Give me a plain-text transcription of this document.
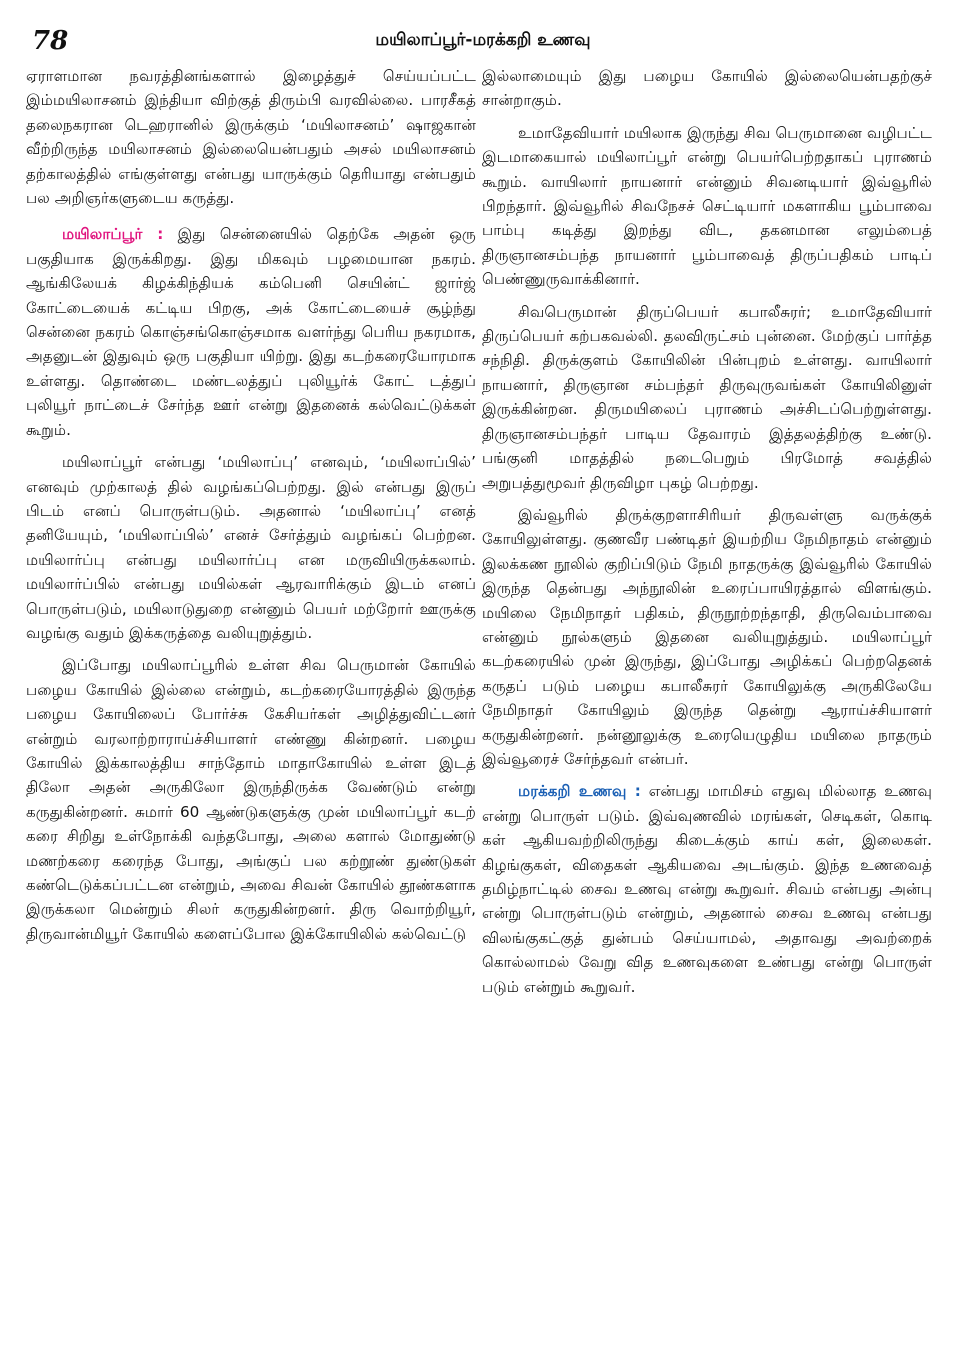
78	மயிலாப்பூர்-மரக்கறி உணவு

ஏராளமான நவரத்தினங்களால் இழைத்துச் செய்யப்பட்ட இம்மயிலாசனம் இந்தியா விற்குத் திரும்பி வரவில்லை. பாரசீகத் தலைநகரான டெஹரானில் இருக்கும் ‘மயிலாசனம்’ ஷாஜகான் வீற்றிருந்த மயிலாசனம் இல்லையென்பதும் அசல் மயிலாசனம் தற்காலத்தில் எங்குள்ளது என்பது யாருக்கும் தெரியாது என்பதும் பல அறிஞர்களுடைய கருத்து.

மயிலாப்பூர் : இது சென்னையில் தெற்கே அதன் ஒரு பகுதியாக இருக்கிறது. இது மிகவும் பழமையான நகரம். ஆங்கிலேயக் கிழக்கிந்தியக் கம்பெனி செயின்ட் ஜார்ஜ் கோட்டையைக் கட்டிய பிறகு, அக் கோட்டையைச் சூழ்ந்து சென்னை நகரம் கொஞ்சங்கொஞ்சமாக வளர்ந்து பெரிய நகரமாக, அதனுடன் இதுவும் ஒரு பகுதியா யிற்று. இது கடற்கரையோரமாக உள்ளது. தொண்டை மண்டலத்துப் புலியூர்க் கோட் டத்துப் புலியூர் நாட்டைச் சேர்ந்த ஊர் என்று இதனைக் கல்வெட்டுக்கள் கூறும்.

மயிலாப்பூர் என்பது ‘மயிலாப்பு’ எனவும், ‘மயிலாப்பில்’ எனவும் முற்காலத் தில் வழங்கப்பெற்றது. இல் என்பது இருப் பிடம் எனப் பொருள்படும். அதனால் ‘மயிலாப்பு’ எனத் தனியேயும், ‘மயிலாப்பில்’ எனச் சேர்த்தும் வழங்கப் பெற்றன. மயிலார்ப்பு என்பது மயிலார்ப்பு என மருவியிருக்கலாம். மயிலார்ப்பில் என்பது மயில்கள் ஆரவாரிக்கும் இடம் எனப் பொருள்படும், மயிலாடுதுறை என்னும் பெயர் மற்றோர் ஊருக்கு வழங்கு வதும் இக்கருத்தை வலியுறுத்தும்.

இப்போது மயிலாப்பூரில் உள்ள சிவ பெருமான் கோயில் பழைய கோயில் இல்லை என்றும், கடற்கரையோரத்தில் இருந்த பழைய கோயிலைப் போர்ச்சு கேசியர்கள் அழித்துவிட்டனர் என்றும் வரலாற்றாராய்ச்சியாளர் எண்ணு கின்றனர். பழைய கோயில் இக்காலத்திய சாந்தோம் மாதாகோயில் உள்ள இடத் திலோ அதன் அருகிலோ இருந்திருக்க வேண்டும் என்று கருதுகின்றனர். சுமார் 60 ஆண்டுகளுக்கு முன் மயிலாப்பூர் கடற் கரை சிறிது உள்நோக்கி வந்தபோது, அலை களால் மோதுண்டு மணற்கரை கரைந்த போது, அங்குப் பல கற்றூண் துண்டுகள் கண்டெடுக்கப்பட்டன என்றும், அவை சிவன் கோயில் தூண்களாக இருக்கலா மென்றும் சிலர் கருதுகின்றனர். திரு வொற்றியூர், திருவான்மியூர் கோயில் களைப்போல இக்கோயிலில் கல்வெட்டு

இல்லாமையும் இது பழைய கோயில் இல்லையென்பதற்குச் சான்றாகும்.

உமாதேவியார் மயிலாக இருந்து சிவ பெருமானை வழிபட்ட இடமாகையால் மயிலாப்பூர் என்று பெயர்பெற்றதாகப் புராணம் கூறும். வாயிலார் நாயனார் என்னும் சிவனடியார் இவ்வூரில் பிறந்தார். இவ்வூரில் சிவநேசச் செட்டியார் மகளாகிய பூம்பாவை பாம்பு கடித்து இறந்து விட, தகனமான எலும்பைத் திருஞானசம்பந்த நாயனார் பூம்பாவைத் திருப்பதிகம் பாடிப் பெண்ணுருவாக்கினார்.

சிவபெருமான் திருப்பெயர் கபாலீசுரர்; உமாதேவியார் திருப்பெயர் கற்பகவல்லி. தலவிருட்சம் புன்னை. மேற்குப் பார்த்த சந்நிதி. திருக்குளம் கோயிலின் பின்புறம் உள்ளது. வாயிலார் நாயனார், திருஞான சம்பந்தர் திருவுருவங்கள் கோயிலினுள் இருக்கின்றன. திருமயிலைப் புராணம் அச்சிடப்பெற்றுள்ளது. திருஞானசம்பந்தர் பாடிய தேவாரம் இத்தலத்திற்கு உண்டு. பங்குனி மாதத்தில் நடைபெறும் பிரமோத் சவத்தில் அறுபத்துமூவர் திருவிழா புகழ் பெற்றது.

இவ்வூரில் திருக்குறளாசிரியர் திருவள்ளு வருக்குக் கோயிலுள்ளது. குணவீர பண்டிதர் இயற்றிய நேமிநாதம் என்னும் இலக்கண நூலில் குறிப்பிடும் நேமி நாதருக்கு இவ்வூரில் கோயில் இருந்த தென்பது அந்நூலின் உரைப்பாயிரத்தால் விளங்கும். மயிலை நேமிநாதர் பதிகம், திருநூற்றந்தாதி, திருவெம்பாவை என்னும் நூல்களும் இதனை வலியுறுத்தும். மயிலாப்பூர் கடற்கரையில் முன் இருந்து, இப்போது அழிக்கப் பெற்றதெனக் கருதப் படும் பழைய கபாலீசுரர் கோயிலுக்கு அருகிலேயே நேமிநாதர் கோயிலும் இருந்த தென்று ஆராய்ச்சியாளர் கருதுகின்றனர். நன்னூலுக்கு உரையெழுதிய மயிலை நாதரும் இவ்வூரைச் சேர்ந்தவர் என்பர்.

மரக்கறி உணவு : என்பது மாமிசம் எதுவு மில்லாத உணவு என்று பொருள் படும். இவ்வுணவில் மரங்கள், செடிகள், கொடி கள் ஆகியவற்றிலிருந்து கிடைக்கும் காய் கள், இலைகள். கிழங்குகள், விதைகள் ஆகியவை அடங்கும். இந்த உணவைத் தமிழ்நாட்டில் சைவ உணவு என்று கூறுவர். சிவம் என்பது அன்பு என்று பொருள்படும் என்றும், அதனால் சைவ உணவு என்பது விலங்குகட்குத் துன்பம் செய்யாமல், அதாவது அவற்றைக் கொல்லாமல் வேறு வித உணவுகளை உண்பது என்று பொருள் படும் என்றும் கூறுவர்.
